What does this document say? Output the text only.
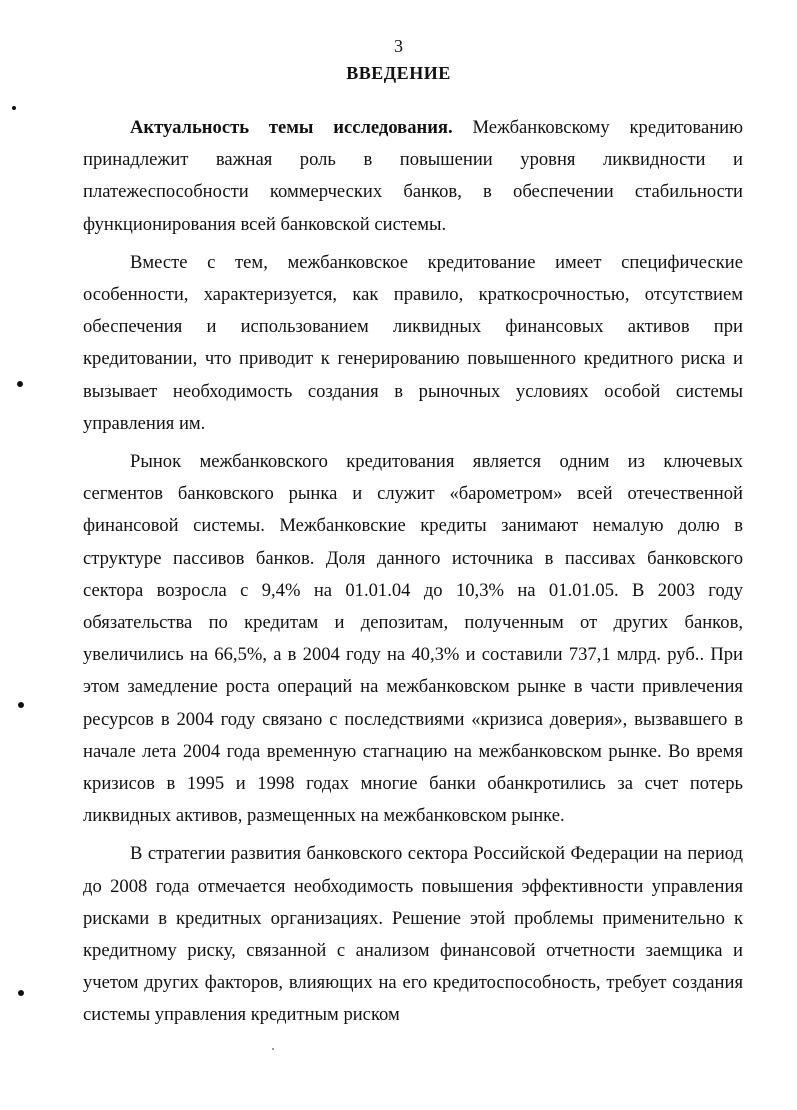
3
ВВЕДЕНИЕ

Актуальность темы исследования. Межбанковскому кредитованию принадлежит важная роль в повышении уровня ликвидности и платежеспособности коммерческих банков, в обеспечении стабильности функционирования всей банковской системы.

Вместе с тем, межбанковское кредитование имеет специфические особенности, характеризуется, как правило, краткосрочностью, отсутствием обеспечения и использованием ликвидных финансовых активов при кредитовании, что приводит к генерированию повышенного кредитного риска и вызывает необходимость создания в рыночных условиях особой системы управления им.

Рынок межбанковского кредитования является одним из ключевых сегментов банковского рынка и служит «барометром» всей отечественной финансовой системы. Межбанковские кредиты занимают немалую долю в структуре пассивов банков. Доля данного источника в пассивах банковского сектора возросла с 9,4% на 01.01.04 до 10,3% на 01.01.05. В 2003 году обязательства по кредитам и депозитам, полученным от других банков, увеличились на 66,5%, а в 2004 году на 40,3% и составили 737,1 млрд. руб.. При этом замедление роста операций на межбанковском рынке в части привлечения ресурсов в 2004 году связано с последствиями «кризиса доверия», вызвавшего в начале лета 2004 года временную стагнацию на межбанковском рынке. Во время кризисов в 1995 и 1998 годах многие банки обанкротились за счет потерь ликвидных активов, размещенных на межбанковском рынке.

В стратегии развития банковского сектора Российской Федерации на период до 2008 года отмечается необходимость повышения эффективности управления рисками в кредитных организациях. Решение этой проблемы применительно к кредитному риску, связанной с анализом финансовой отчетности заемщика и учетом других факторов, влияющих на его кредитоспособность, требует создания системы управления кредитным риском
